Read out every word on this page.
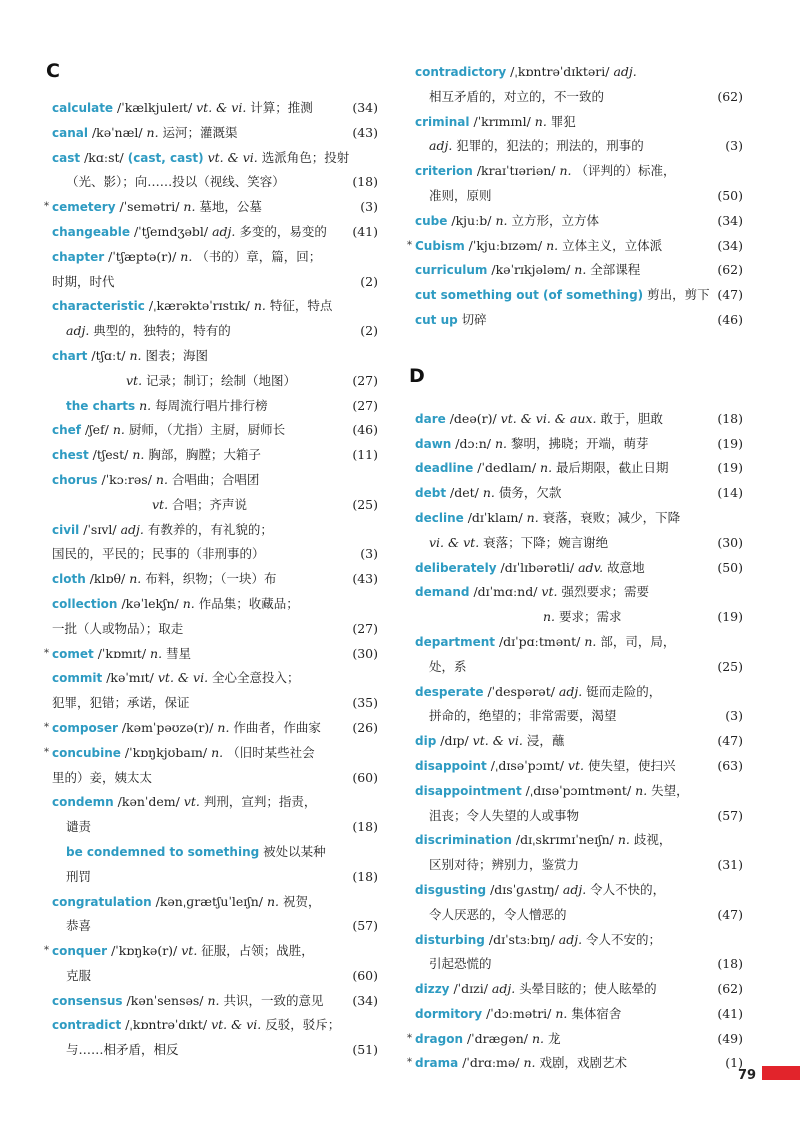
C
D
calculate /ˈkælkjuleɪt/ vt. & vi. 计算；推测	(34)
canal /kəˈnæl/ n. 运河；灌溉渠	(43)
cast /kɑːst/ (cast, cast) vt. & vi. 选派角色；投射
（光、影）；向……投以（视线、笑容）	(18)
* cemetery /ˈsemətri/ n. 墓地，公墓	(3)
changeable /ˈtʃeɪndʒəbl/ adj. 多变的，易变的 (41)
chapter /ˈtʃæptə(r)/ n. （书的）章，篇，回；
时期，时代	(2)
characteristic /ˌkærəktəˈrɪstɪk/ n. 特征，特点
adj. 典型的，独特的，特有的	(2)
chart /tʃɑːt/ n. 图表；海图
vt. 记录；制订；绘制（地图）	(27)
the charts n. 每周流行唱片排行榜	(27)
chef /ʃef/ n. 厨师，（尤指）主厨，厨师长	(46)
chest /tʃest/ n. 胸部，胸膛；大箱子	(11)
chorus /ˈkɔːrəs/ n. 合唱曲；合唱团
vt. 合唱；齐声说	(25)
civil /ˈsɪvl/ adj. 有教养的，有礼貌的；
国民的，平民的；民事的（非刑事的）	(3)
cloth /klɒθ/ n. 布料，织物；（一块）布	(43)
collection /kəˈlekʃn/ n. 作品集；收藏品；
一批（人或物品）；取走	(27)
* comet /ˈkɒmɪt/ n. 彗星	(30)
commit /kəˈmɪt/ vt. & vi. 全心全意投入；
犯罪，犯错；承诺，保证	(35)
* composer /kəmˈpəʊzə(r)/ n. 作曲者，作曲家	(26)
* concubine /ˈkɒŋkjʊbaɪn/ n. （旧时某些社会
里的）妾，姨太太	(60)
condemn /kənˈdem/ vt. 判刑，宣判；指责，
谴责	(18)
be condemned to something 被处以某种
刑罚	(18)
congratulation /kənˌɡrætʃuˈleɪʃn/ n. 祝贺，
恭喜	(57)
* conquer /ˈkɒŋkə(r)/ vt. 征服，占领；战胜，
克服	(60)
consensus /kənˈsensəs/ n. 共识，一致的意见 (34)
contradict /ˌkɒntrəˈdɪkt/ vt. & vi. 反驳，驳斥；
与……相矛盾，相反	(51)
contradictory /ˌkɒntrəˈdɪktəri/ adj.
相互矛盾的，对立的，不一致的	(62)
criminal /ˈkrɪmɪnl/ n. 罪犯
adj. 犯罪的，犯法的；刑法的，刑事的	(3)
criterion /kraɪˈtɪəriən/ n. （评判的）标准，
准则，原则	(50)
cube /kjuːb/ n. 立方形，立方体	(34)
* Cubism /ˈkjuːbɪzəm/ n. 立体主义，立体派	(34)
curriculum /kəˈrɪkjələm/ n. 全部课程	(62)
cut something out (of something) 剪出，剪下 (47)
cut up 切碎	(46)
dare /deə(r)/ vt. & vi. & aux. 敢于，胆敢	(18)
dawn /dɔːn/ n. 黎明，拂晓；开端，萌芽	(19)
deadline /ˈdedlaɪn/ n. 最后期限，截止日期	(19)
debt /det/ n. 债务，欠款	(14)
decline /dɪˈklaɪn/ n. 衰落，衰败；减少，下降
vi. & vt. 衰落；下降；婉言谢绝	(30)
deliberately /dɪˈlɪbərətli/ adv. 故意地	(50)
demand /dɪˈmɑːnd/ vt. 强烈要求；需要
n. 要求；需求	(19)
department /dɪˈpɑːtmənt/ n. 部，司，局，
处，系	(25)
desperate /ˈdespərət/ adj. 铤而走险的，
拼命的，绝望的；非常需要，渴望	(3)
dip /dɪp/ vt. & vi. 浸，蘸	(47)
disappoint /ˌdɪsəˈpɔɪnt/ vt. 使失望，使扫兴	(63)
disappointment /ˌdɪsəˈpɔɪntmənt/ n. 失望，
沮丧；令人失望的人或事物	(57)
discrimination /dɪˌskrɪmɪˈneɪʃn/ n. 歧视，
区别对待；辨别力，鉴赏力	(31)
disgusting /dɪsˈɡʌstɪŋ/ adj. 令人不快的，
令人厌恶的，令人憎恶的	(47)
disturbing /dɪˈstɜːbɪŋ/ adj. 令人不安的；
引起恐慌的	(18)
dizzy /ˈdɪzi/ adj. 头晕目眩的；使人眩晕的	(62)
dormitory /ˈdɔːmətri/ n. 集体宿舍	(41)
* dragon /ˈdræɡən/ n. 龙	(49)
* drama /ˈdrɑːmə/ n. 戏剧，戏剧艺术	(1)
79
